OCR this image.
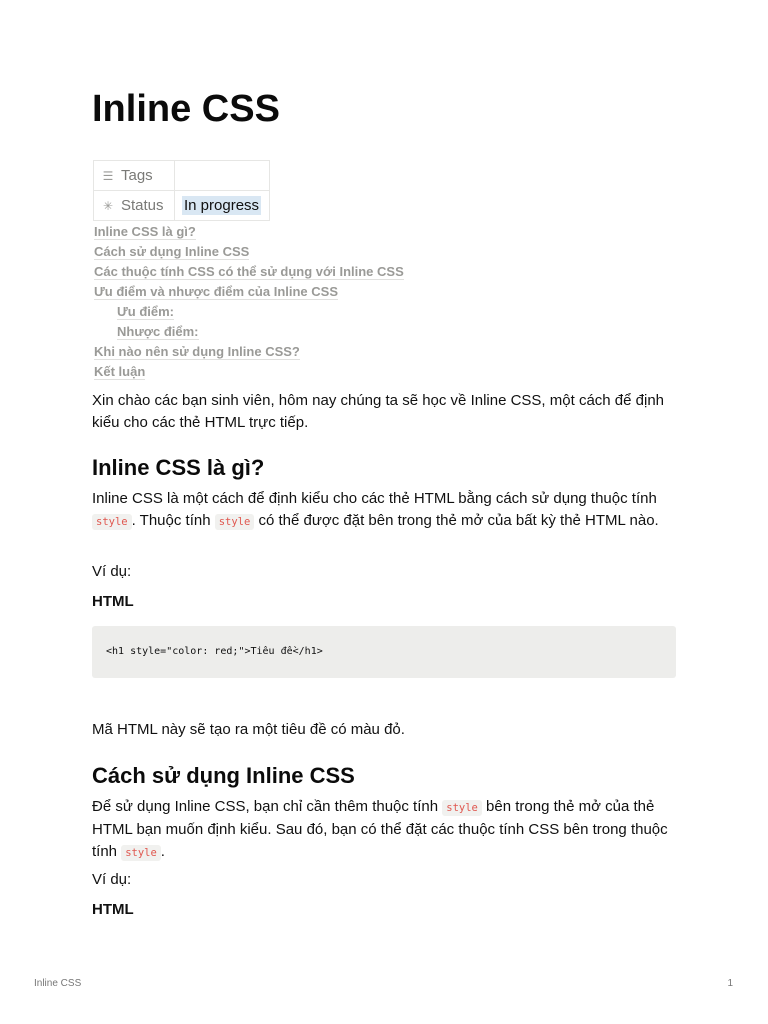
Inline CSS
☰ Tags	
✳ Status	In progress
Inline CSS là gì?
Cách sử dụng Inline CSS
Các thuộc tính CSS có thể sử dụng với Inline CSS
Ưu điểm và nhược điểm của Inline CSS
Ưu điểm:
Nhược điểm:
Khi nào nên sử dụng Inline CSS?
Kết luận

Xin chào các bạn sinh viên, hôm nay chúng ta sẽ học về Inline CSS, một cách để định kiểu cho các thẻ HTML trực tiếp.

Inline CSS là gì?

Inline CSS là một cách để định kiểu cho các thẻ HTML bằng cách sử dụng thuộc tính style . Thuộc tính style có thể được đặt bên trong thẻ mở của bất kỳ thẻ HTML nào.

Ví dụ:

HTML

<h1 style="color: red;">Tiêu đề</h1>

Mã HTML này sẽ tạo ra một tiêu đề có màu đỏ.

Cách sử dụng Inline CSS

Để sử dụng Inline CSS, bạn chỉ cần thêm thuộc tính style bên trong thẻ mở của thẻ HTML bạn muốn định kiểu. Sau đó, bạn có thể đặt các thuộc tính CSS bên trong thuộc tính style .

Ví dụ:

HTML

Inline CSS	1
